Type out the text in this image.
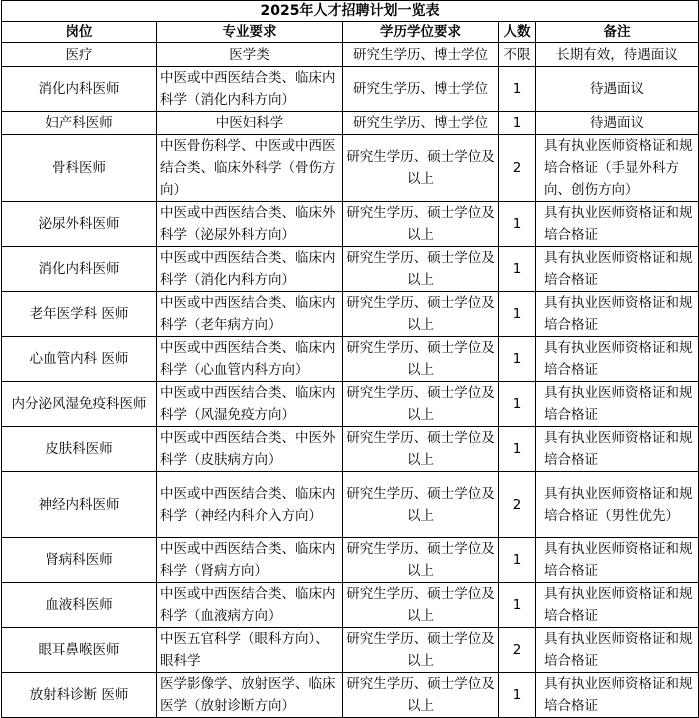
2025年人才招聘计划一览表				
岗位	专业要求	学历学位要求	人数	备注
医疗	医学类	研究生学历、博士学位	不限	长期有效，待遇面议
消化内科医师	中医或中西医结合类、临床内科学（消化内科方向）	研究生学历、博士学位	1	待遇面议
妇产科医师	中医妇科学	研究生学历、博士学位	1	待遇面议
骨科医师	中医骨伤科学、中医或中西医结合类、临床外科学（骨伤方向）	研究生学历、硕士学位及以上	2	具有执业医师资格证和规培合格证（手显外科方向、创伤方向）
泌尿外科医师	中医或中西医结合类、临床外科学（泌尿外科方向）	研究生学历、硕士学位及以上	1	具有执业医师资格证和规培合格证
消化内科医师	中医或中西医结合类、临床内科学（消化内科方向）	研究生学历、硕士学位及以上	1	具有执业医师资格证和规培合格证
老年医学科 医师	中医或中西医结合类、临床内科学（老年病方向）	研究生学历、硕士学位及以上	1	具有执业医师资格证和规培合格证
心血管内科 医师	中医或中西医结合类、临床内科学（心血管内科方向）	研究生学历、硕士学位及以上	1	具有执业医师资格证和规培合格证
内分泌风湿免疫科医师	中医或中西医结合类、临床内科学（风湿免疫方向）	研究生学历、硕士学位及以上	1	具有执业医师资格证和规培合格证
皮肤科医师	中医或中西医结合类、中医外科学（皮肤病方向）	研究生学历、硕士学位及以上	1	具有执业医师资格证和规培合格证
神经内科医师	中医或中西医结合类、临床内科学（神经内科介入方向）	研究生学历、硕士学位及以上	2	具有执业医师资格证和规培合格证（男性优先）
肾病科医师	中医或中西医结合类、临床内科学（肾病方向）	研究生学历、硕士学位及以上	1	具有执业医师资格证和规培合格证
血液科医师	中医或中西医结合类、临床内科学（血液病方向）	研究生学历、硕士学位及以上	1	具有执业医师资格证和规培合格证
眼耳鼻喉医师	中医五官科学（眼科方向）、眼科学	研究生学历、硕士学位及以上	2	具有执业医师资格证和规培合格证
放射科诊断 医师	医学影像学、放射医学、临床医学（放射诊断方向）	研究生学历、硕士学位及以上	1	具有执业医师资格证和规培合格证
